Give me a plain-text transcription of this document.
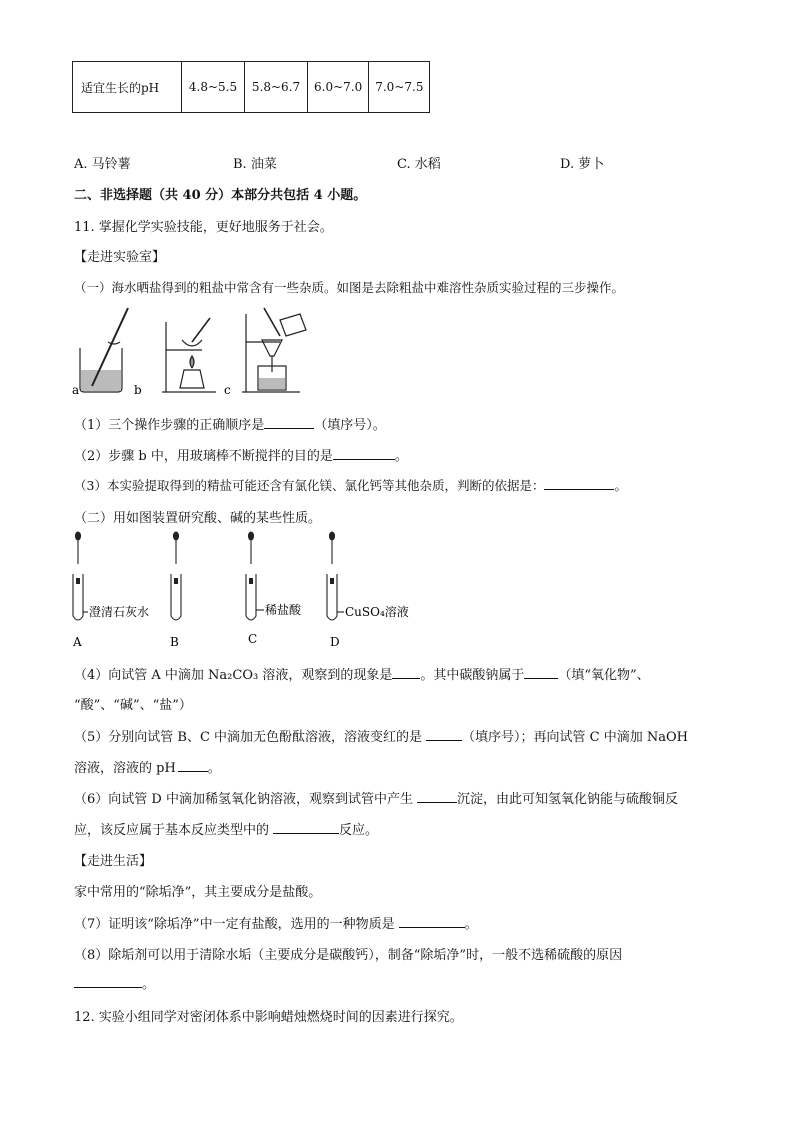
适宜生长的pH	4.8~5.5	5.8~6.7	6.0~7.0	7.0~7.5
A. 马铃薯	B. 油菜	C. 水稻	D. 萝卜
二、非选择题（共 40 分）本部分共包括 4 小题。
11. 掌握化学实验技能，更好地服务于社会。
【走进实验室】
（一）海水晒盐得到的粗盐中常含有一些杂质。如图是去除粗盐中难溶性杂质实验过程的三步操作。
a	b	c
（1）三个操作步骤的正确顺序是	（填序号）。
（2）步骤 b 中，用玻璃棒不断搅拌的目的是	。
（3）本实验提取得到的精盐可能还含有氯化镁、氯化钙等其他杂质，判断的依据是：	。
（二）用如图装置研究酸、碱的某些性质。
澄清石灰水	稀盐酸	CuSO₄溶液
A	B	C	D
（4）向试管 A 中滴加 Na₂CO₃ 溶液，观察到的现象是 。其中碳酸钠属于	（填“氧化物”、
“酸”、“碱”、“盐”）
（5）分别向试管 B、C 中滴加无色酚酞溶液，溶液变红的是	（填序号）；再向试管 C 中滴加 NaOH
溶液，溶液的 pH 。
（6）向试管 D 中滴加稀氢氧化钠溶液，观察到试管中产生	沉淀，由此可知氢氧化钠能与硫酸铜反
应，该反应属于基本反应类型中的	反应。
【走进生活】
家中常用的“除垢净”，其主要成分是盐酸。
（7）证明该“除垢净”中一定有盐酸，选用的一种物质是	。
（8）除垢剂可以用于清除水垢（主要成分是碳酸钙），制备“除垢净”时，一般不选稀硫酸的原因
。
12. 实验小组同学对密闭体系中影响蜡烛燃烧时间的因素进行探究。
